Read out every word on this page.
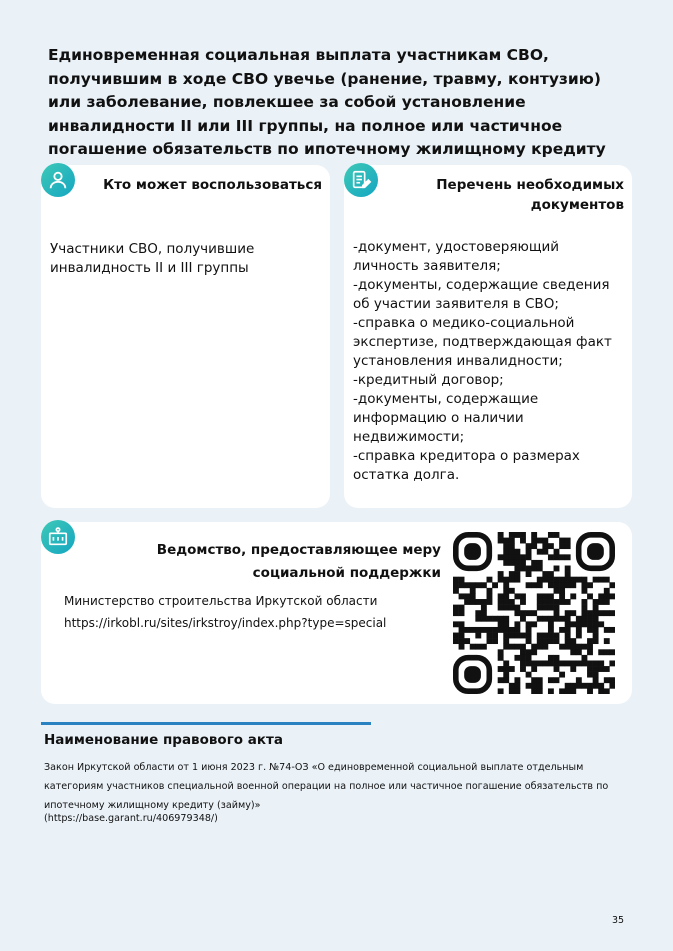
Единовременная социальная выплата участникам СВО, получившим в ходе СВО увечье (ранение, травму, контузию) или заболевание, повлекшее за собой установление инвалидности II или III группы, на полное или частичное погашение обязательств по ипотечному жилищному кредиту
Кто может воспользоваться
Участники СВО, получившие инвалидность II и III группы
Перечень необходимых документов
-документ, удостоверяющий личность заявителя;
-документы, содержащие сведения об участии заявителя в СВО;
-справка о медико-социальной экспертизе, подтверждающая факт установления инвалидности;
-кредитный договор;
-документы, содержащие информацию о наличии недвижимости;
-справка кредитора о размерах остатка долга.
Ведомство, предоставляющее меру социальной поддержки
Министерство строительства Иркутской области
https://irkobl.ru/sites/irkstroy/index.php?type=special
Наименование правового акта
Закон Иркутской области от 1 июня 2023 г. №74-ОЗ «О единовременной социальной выплате отдельным категориям участников специальной военной операции на полное или частичное погашение обязательств по ипотечному жилищному кредиту (займу)»
(https://base.garant.ru/406979348/)
35
